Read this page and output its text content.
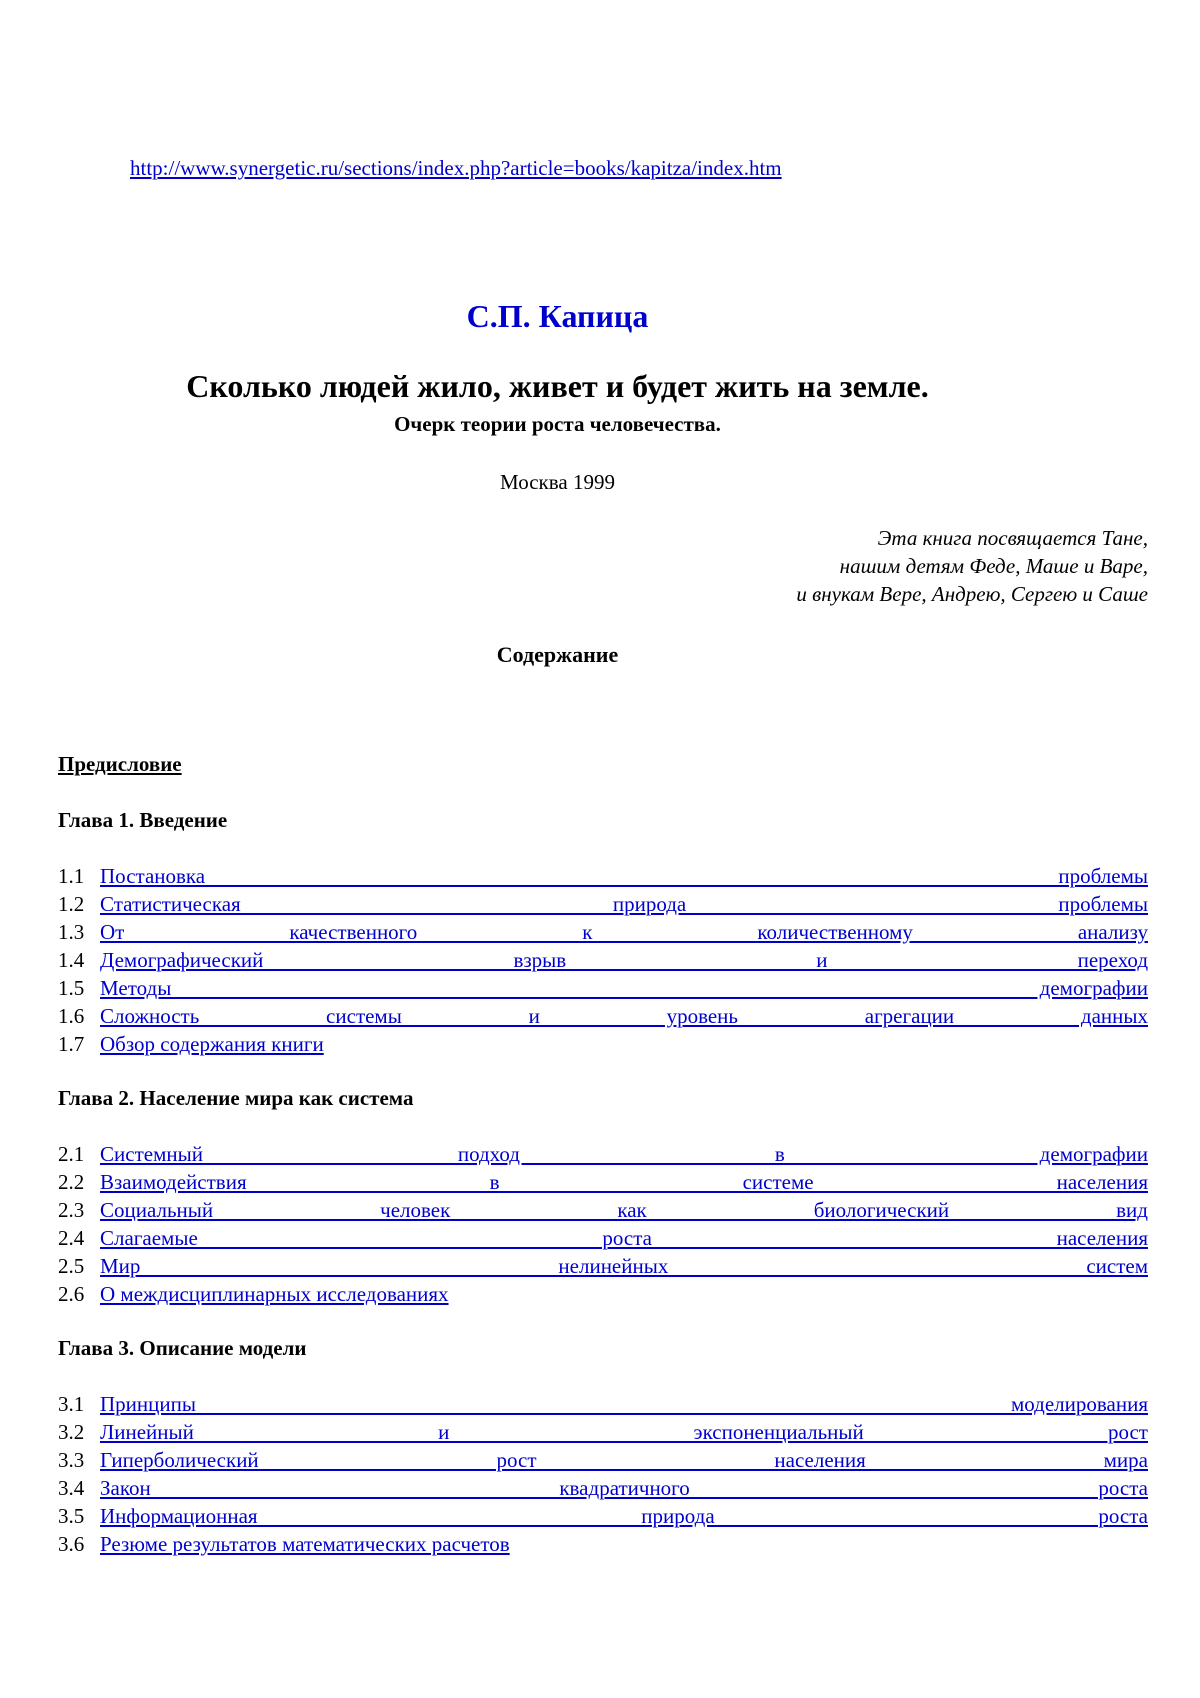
http://www.synergetic.ru/sections/index.php?article=books/kapitza/index.htm
С.П. Капица
Сколько людей жило, живет и будет жить на земле.
Очерк теории роста человечества.
Москва 1999
Эта книга посвящается Тане,
нашим детям Феде, Маше и Варе,
и внукам Вере, Андрею, Сергею и Саше
Содержание
Предисловие
Глава 1. Введение
1.1 Постановка проблемы
1.2 Статистическая природа проблемы
1.3 От качественного к количественному анализу
1.4 Демографический взрыв и переход
1.5 Методы демографии
1.6 Сложность системы и уровень агрегации данных
1.7 Обзор содержания книги
Глава 2. Население мира как система
2.1 Системный подход в демографии
2.2 Взаимодействия в системе населения
2.3 Социальный человек как биологический вид
2.4 Слагаемые роста населения
2.5 Мир нелинейных систем
2.6 О междисциплинарных исследованиях
Глава 3. Описание модели
3.1 Принципы моделирования
3.2 Линейный и экспоненциальный рост
3.3 Гиперболический рост населения мира
3.4 Закон квадратичного роста
3.5 Информационная природа роста
3.6 Резюме результатов математических расчетов
